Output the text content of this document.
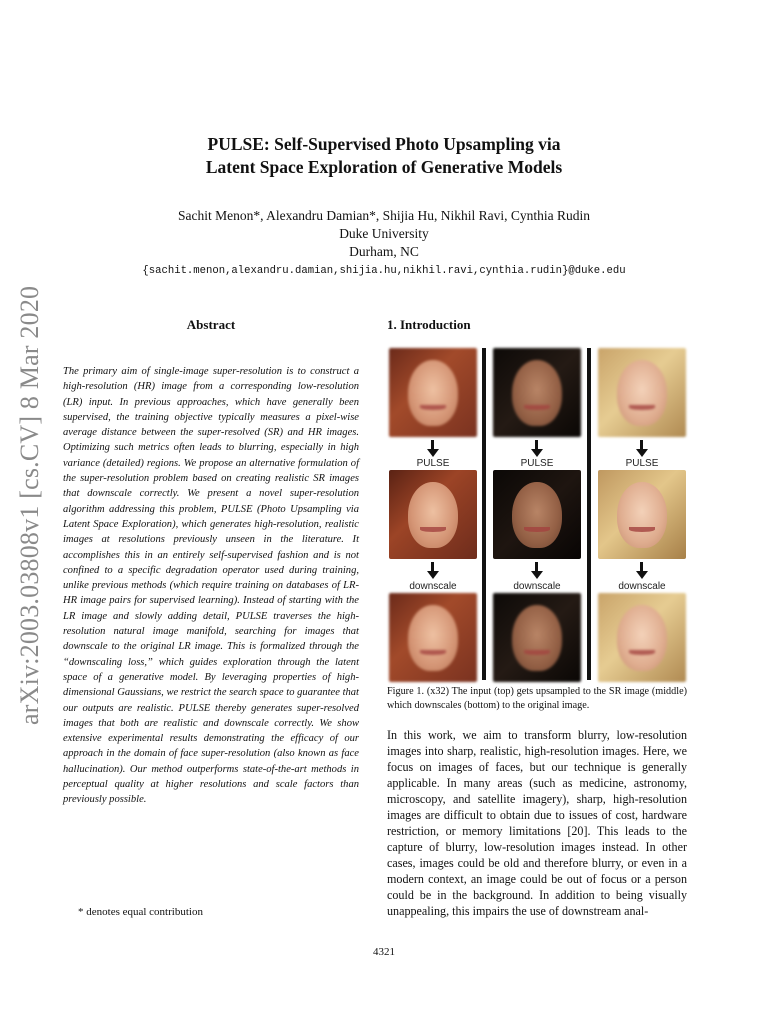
arXiv:2003.03808v1 [cs.CV] 8 Mar 2020
PULSE: Self-Supervised Photo Upsampling via
Latent Space Exploration of Generative Models
Sachit Menon*, Alexandru Damian*, Shijia Hu, Nikhil Ravi, Cynthia Rudin
Duke University
Durham, NC
{sachit.menon,alexandru.damian,shijia.hu,nikhil.ravi,cynthia.rudin}@duke.edu
Abstract
The primary aim of single-image super-resolution is to construct a high-resolution (HR) image from a corresponding low-resolution (LR) input. In previous approaches, which have generally been supervised, the training objective typically measures a pixel-wise average distance between the super-resolved (SR) and HR images. Optimizing such metrics often leads to blurring, especially in high variance (detailed) regions. We propose an alternative formulation of the super-resolution problem based on creating realistic SR images that downscale correctly. We present a novel super-resolution algorithm addressing this problem, PULSE (Photo Upsampling via Latent Space Exploration), which generates high-resolution, realistic images at resolutions previously unseen in the literature. It accomplishes this in an entirely self-supervised fashion and is not confined to a specific degradation operator used during training, unlike previous methods (which require training on databases of LR-HR image pairs for supervised learning). Instead of starting with the LR image and slowly adding detail, PULSE traverses the high-resolution natural image manifold, searching for images that downscale to the original LR image. This is formalized through the “downscaling loss,” which guides exploration through the latent space of a generative model. By leveraging properties of high-dimensional Gaussians, we restrict the search space to guarantee that our outputs are realistic. PULSE thereby generates super-resolved images that both are realistic and downscale correctly. We show extensive experimental results demonstrating the efficacy of our approach in the domain of face super-resolution (also known as face hallucination). Our method outperforms state-of-the-art methods in perceptual quality at higher resolutions and scale factors than previously possible.
* denotes equal contribution
1. Introduction
PULSE
downscale
PULSE
downscale
PULSE
downscale
Figure 1. (x32) The input (top) gets upsampled to the SR image (middle) which downscales (bottom) to the original image.
In this work, we aim to transform blurry, low-resolution images into sharp, realistic, high-resolution images. Here, we focus on images of faces, but our technique is generally applicable. In many areas (such as medicine, astronomy, microscopy, and satellite imagery), sharp, high-resolution images are difficult to obtain due to issues of cost, hardware restriction, or memory limitations [20]. This leads to the capture of blurry, low-resolution images instead. In other cases, images could be old and therefore blurry, or even in a modern context, an image could be out of focus or a person could be in the background. In addition to being visually unappealing, this impairs the use of downstream anal-
4321
